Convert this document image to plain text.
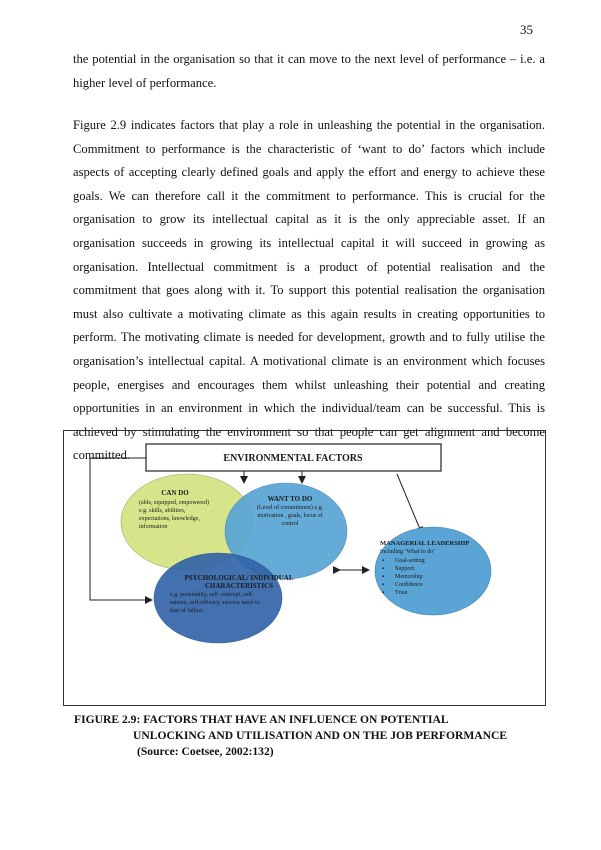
35

the potential in the organisation so that it can move to the next level of performance – i.e. a higher level of performance.

Figure 2.9 indicates factors that play a role in unleashing the potential in the organisation. Commitment to performance is the characteristic of ‘want to do’ factors which include aspects of accepting clearly defined goals and apply the effort and energy to achieve these goals. We can therefore call it the commitment to performance. This is crucial for the organisation to grow its intellectual capital as it is the only appreciable asset. If an organisation succeeds in growing its intellectual capital it will succeed in growing as organisation. Intellectual commitment is a product of potential realisation and the commitment that goes along with it. To support this potential realisation the organisation must also cultivate a motivating climate as this again results in creating opportunities to perform. The motivating climate is needed for development, growth and to fully utilise the organisation’s intellectual capital. A motivational climate is an environment which focuses people, energises and encourages them whilst unleashing their potential and creating opportunities in an environment in which the individual/team can be successful. This is achieved by stimulating the environment so that people can get alignment and become committed.	ENVIRONMENTAL FACTORS
CAN DO
(able, equipped, empowered)
e.g. skills, abilities,
expectations, knowledge,
information
WANT TO DO
(Level of commitment) e.g.
motivation , goals, locus of
control
PSYCHOLOGICAL/ INDIVIDUAL
CHARACTERISTICS
e.g. personality, self -concept, self-
esteem, self-efficacy, success need vs
fear of failure
MANAGERIAL LEADERSHIP
Including ‘What to do’
▪ Goal-setting
▪ Support
▪ Mentorship
▪ Confidence
▪ Trust

FIGURE 2.9: FACTORS THAT HAVE AN INFLUENCE ON POTENTIAL
UNLOCKING AND UTILISATION AND ON THE JOB PERFORMANCE
(Source: Coetsee, 2002:132)
